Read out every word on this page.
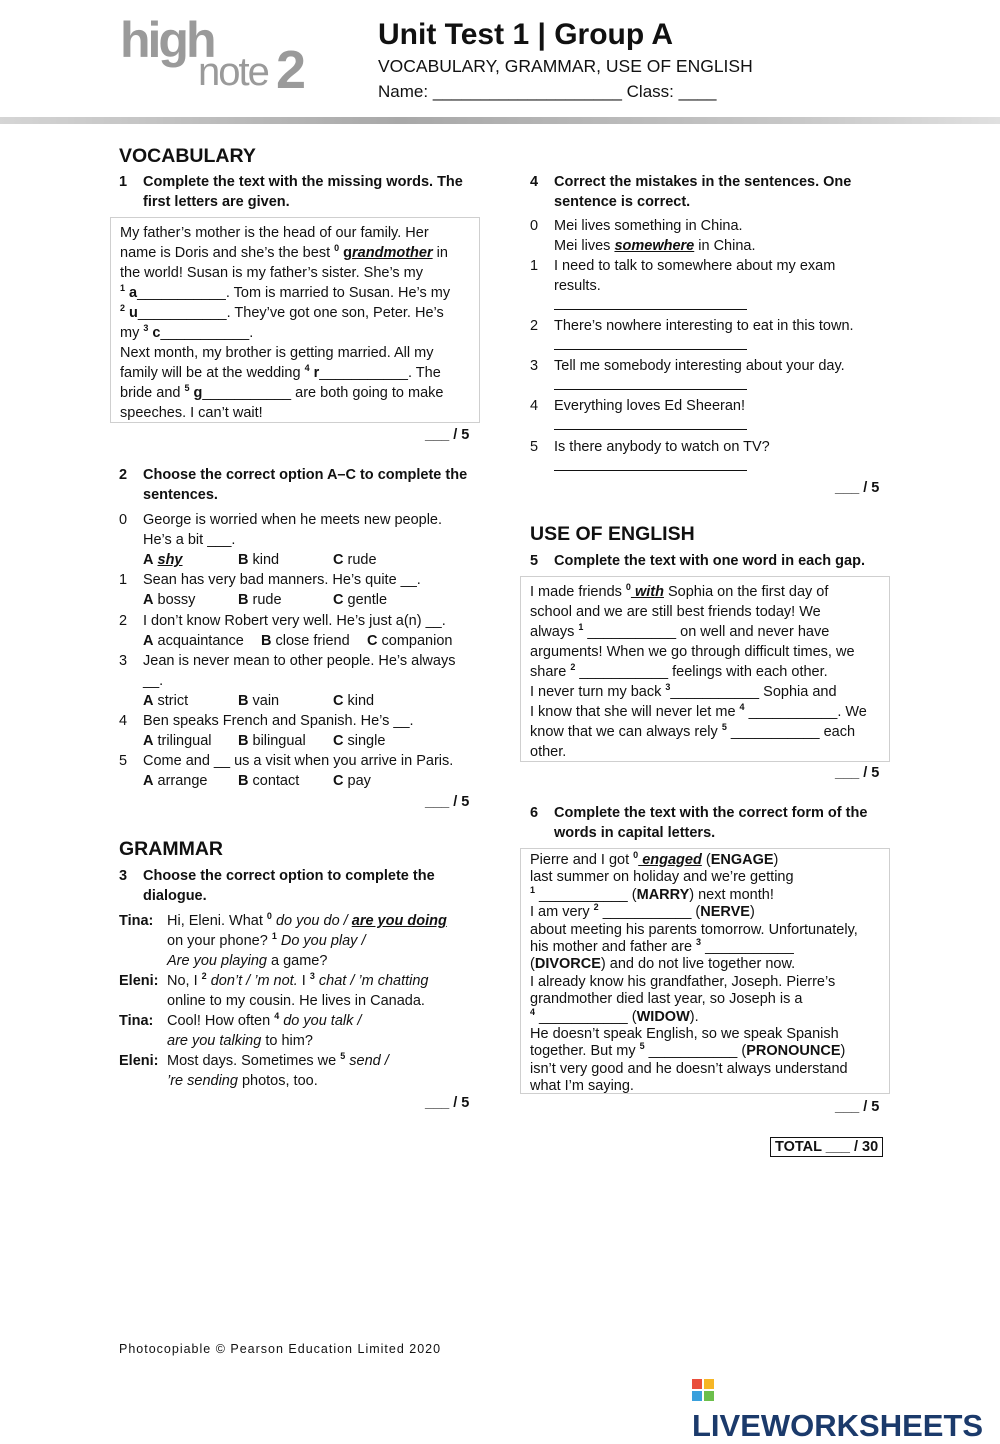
high
note 2
Unit Test 1 | Group A
VOCABULARY, GRAMMAR, USE OF ENGLISH
Name: ____________________ Class: ____
VOCABULARY
1 Complete the text with the missing words. The first letters are given.
My father’s mother is the head of our family. Her
name is Doris and she’s the best $^0$ grandmother in
the world! Susan is my father’s sister. She’s my
$^1$ a___________. Tom is married to Susan. He’s my
$^2$ u___________. They’ve got one son, Peter. He’s
my $^3$ c___________.
Next month, my brother is getting married. All my
family will be at the wedding $^4$ r___________. The
bride and $^5$ g___________ are both going to make
speeches. I can’t wait!
___ / 5
2 Choose the correct option A–C to complete the sentences.
0 George is worried when he meets new people. He’s a bit ___.
A shy	B kind	C rude
1 Sean has very bad manners. He’s quite __.
A bossy	B rude	C gentle
2 I don’t know Robert very well. He’s just a(n) __.
A acquaintance B close friend C companion
3 Jean is never mean to other people. He’s always __.
A strict	B vain	C kind
4 Ben speaks French and Spanish. He’s __.
A trilingual B bilingual C single
5 Come and __ us a visit when you arrive in Paris.
A arrange B contact C pay
___ / 5
GRAMMAR
3 Choose the correct option to complete the dialogue.
Tina: Hi, Eleni. What $^0$ do you do / are you doing
on your phone? $^1$ Do you play /
Are you playing a game?
Eleni: No, I $^2$ don’t / ’m not. I $^3$ chat / ’m chatting
online to my cousin. He lives in Canada.
Tina: Cool! How often $^4$ do you talk /
are you talking to him?
Eleni: Most days. Sometimes we $^5$ send /
’re sending photos, too.
___ / 5
4 Correct the mistakes in the sentences. One sentence is correct.
0 Mei lives something in China.
Mei lives somewhere in China.
1 I need to talk to somewhere about my exam results.
2 There’s nowhere interesting to eat in this town.
3 Tell me somebody interesting about your day.
4 Everything loves Ed Sheeran!
5 Is there anybody to watch on TV?
___ / 5
USE OF ENGLISH
5 Complete the text with one word in each gap.
I made friends $^0$ with Sophia on the first day of
school and we are still best friends today! We
always $^1$ ___________ on well and never have
arguments! When we go through difficult times, we
share $^2$ ___________ feelings with each other.
I never turn my back $^3$___________ Sophia and
I know that she will never let me $^4$ ___________. We
know that we can always rely $^5$ ___________ each
other.
___ / 5
6 Complete the text with the correct form of the words in capital letters.
Pierre and I got $^0$ engaged (ENGAGE)
last summer on holiday and we’re getting
$^1$ ___________ (MARRY) next month!
I am very $^2$ ___________ (NERVE)
about meeting his parents tomorrow. Unfortunately,
his mother and father are $^3$ ___________
(DIVORCE) and do not live together now.
I already know his grandfather, Joseph. Pierre’s
grandmother died last year, so Joseph is a
$^4$ ___________ (WIDOW).
He doesn’t speak English, so we speak Spanish
together. But my $^5$ ___________ (PRONOUNCE)
isn’t very good and he doesn’t always understand
what I’m saying.
___ / 5
TOTAL ___ / 30
Photocopiable © Pearson Education Limited 2020
LIVEWORKSHEETS
